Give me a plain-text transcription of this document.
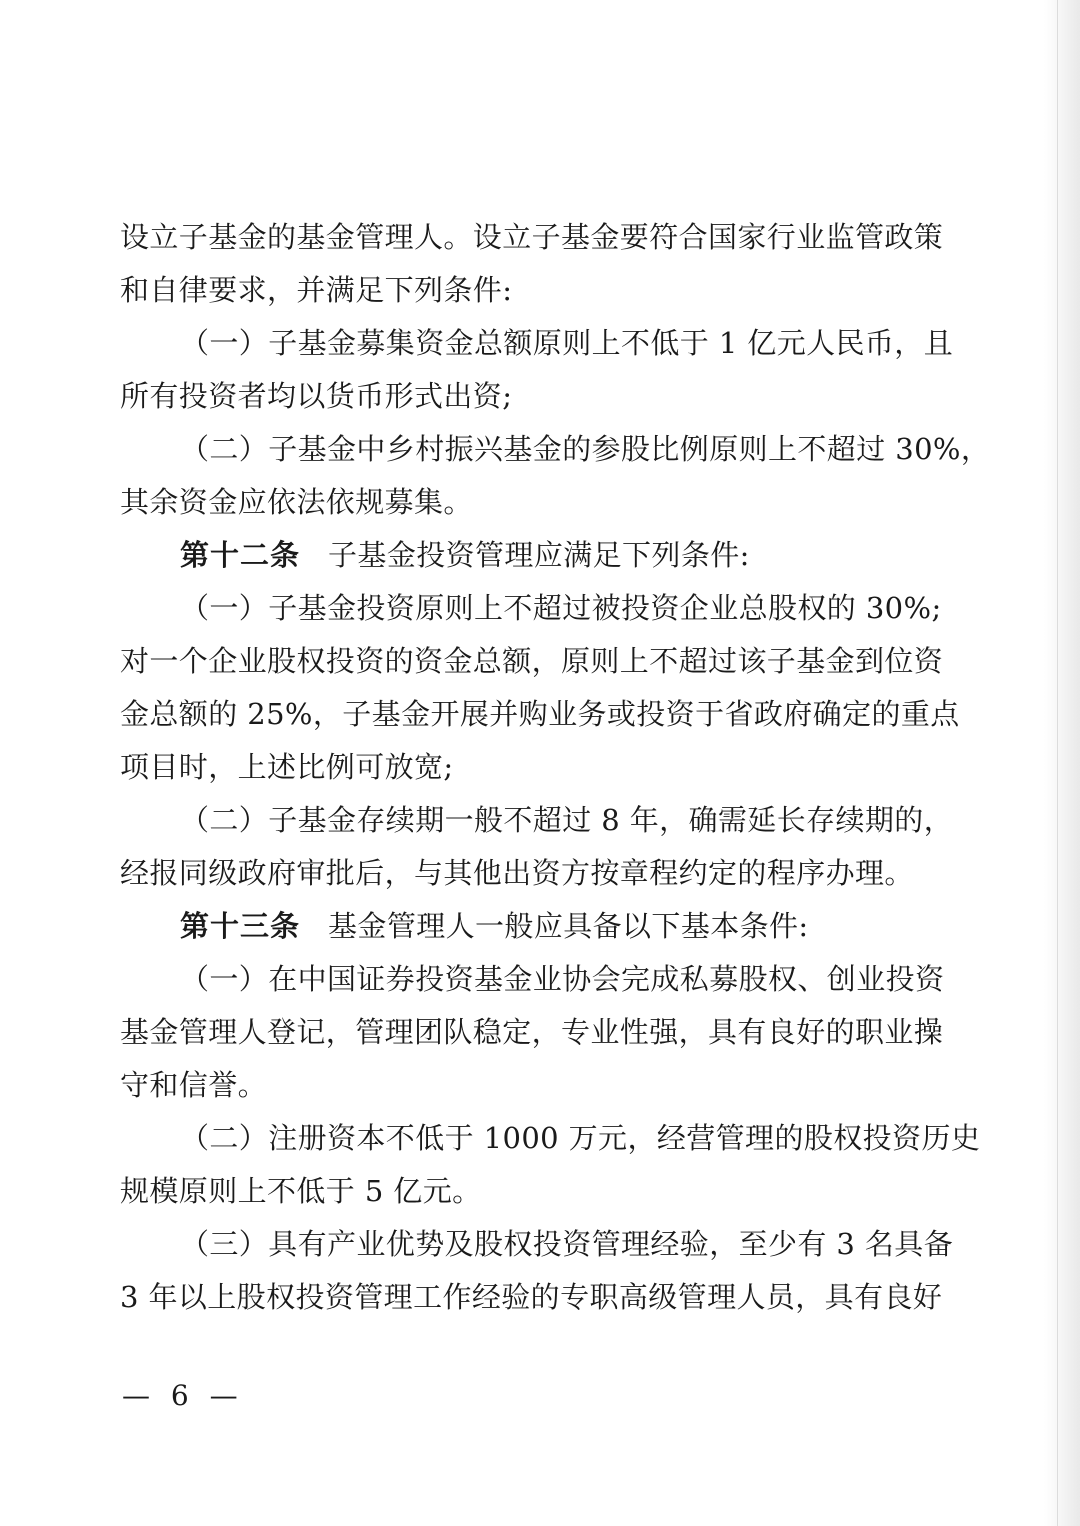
设立子基金的基金管理人。设立子基金要符合国家行业监管政策
和自律要求，并满足下列条件:
（一）子基金募集资金总额原则上不低于 1 亿元人民币，且
所有投资者均以货币形式出资;
（二）子基金中乡村振兴基金的参股比例原则上不超过 30%，
其余资金应依法依规募集。
第十二条 子基金投资管理应满足下列条件:
（一）子基金投资原则上不超过被投资企业总股权的 30%;
对一个企业股权投资的资金总额，原则上不超过该子基金到位资
金总额的 25%，子基金开展并购业务或投资于省政府确定的重点
项目时，上述比例可放宽;
（二）子基金存续期一般不超过 8 年，确需延长存续期的，
经报同级政府审批后，与其他出资方按章程约定的程序办理。
第十三条 基金管理人一般应具备以下基本条件:
（一）在中国证券投资基金业协会完成私募股权、创业投资
基金管理人登记，管理团队稳定，专业性强，具有良好的职业操
守和信誉。
（二）注册资本不低于 1000 万元，经营管理的股权投资历史
规模原则上不低于 5 亿元。
（三）具有产业优势及股权投资管理经验，至少有 3 名具备
3 年以上股权投资管理工作经验的专职高级管理人员，具有良好
— 6 —
